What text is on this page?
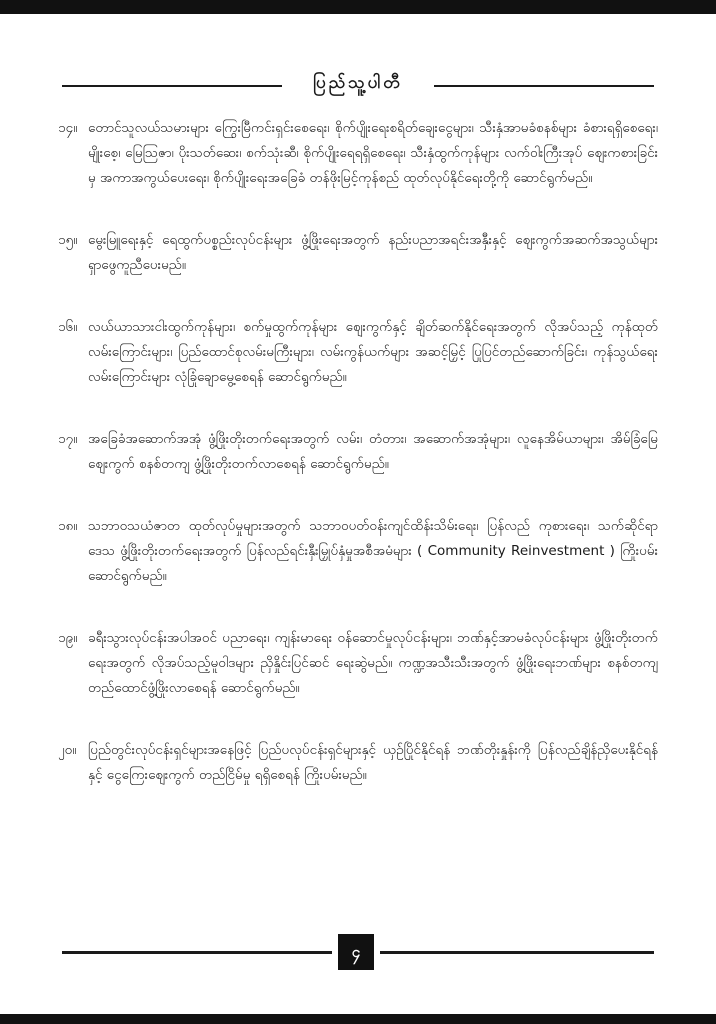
ပြည်သူ့ပါတီ
၁၄။ တောင်သူလယ်သမားများ ကြွေးမြီကင်းရှင်းစေရေး၊ စိုက်ပျိုးရေးစရိတ်ချေးငွေများ၊ သီးနှံအာမခံစနစ်များ ခံစားရရှိစေရေး၊ မျိုးစေ့၊ မြေသြဇာ၊ ပိုးသတ်ဆေး၊ စက်သုံးဆီ၊ စိုက်ပျိုးရေရရှိစေရေး၊ သီးနှံထွက်ကုန်များ လက်ဝါးကြီးအုပ် ဈေးကစားခြင်းမှ အကာအကွယ်ပေးရေး၊ စိုက်ပျိုးရေးအခြေခံ တန်ဖိုးမြင့်ကုန်စည် ထုတ်လုပ်နိုင်ရေးတို့ကို ဆောင်ရွက်မည်။
၁၅။ မွေးမြူရေးနှင့် ရေထွက်ပစ္စည်းလုပ်ငန်းများ ဖွံ့ဖြိုးရေးအတွက် နည်းပညာအရင်းအနှီးနှင့် ဈေးကွက်အဆက်အသွယ်များ ရှာဖွေကူညီပေးမည်။
၁၆။ လယ်ယာသားငါးထွက်ကုန်များ၊ စက်မှုထွက်ကုန်များ ဈေးကွက်နှင့် ချိတ်ဆက်နိုင်ရေးအတွက် လိုအပ်သည့် ကုန်ထုတ်လမ်းကြောင်းများ၊ ပြည်ထောင်စုလမ်းမကြီးများ၊ လမ်းကွန်ယက်များ အဆင့်မြှင့် ပြုပြင်တည်ဆောက်ခြင်း၊ ကုန်သွယ်ရေးလမ်းကြောင်းများ လုံခြုံချောမွေ့စေရန် ဆောင်ရွက်မည်။
၁၇။ အခြေခံအဆောက်အအုံ ဖွံ့ဖြိုးတိုးတက်ရေးအတွက် လမ်း၊ တံတား၊ အဆောက်အအုံများ၊ လူနေအိမ်ယာများ၊ အိမ်ခြံမြေဈေးကွက် စနစ်တကျ ဖွံ့ဖြိုးတိုးတက်လာစေရန် ဆောင်ရွက်မည်။
၁၈။ သဘာဝသယံဇာတ ထုတ်လုပ်မှုများအတွက် သဘာဝပတ်ဝန်းကျင်ထိန်းသိမ်းရေး၊ ပြန်လည် ကုစားရေး၊ သက်ဆိုင်ရာဒေသ ဖွံ့ဖြိုးတိုးတက်ရေးအတွက် ပြန်လည်ရင်းနှီးမြှုပ်နှံမှုအစီအမံများ ( Community Reinvestment ) ကြိုးပမ်းဆောင်ရွက်မည်။
၁၉။ ခရီးသွားလုပ်ငန်းအပါအဝင် ပညာရေး၊ ကျန်းမာရေး ဝန်ဆောင်မှုလုပ်ငန်းများ၊ ဘဏ်နှင့်အာမခံလုပ်ငန်းများ ဖွံ့ဖြိုးတိုးတက်ရေးအတွက် လိုအပ်သည့်မူဝါဒများ ညှိနှိုင်းပြင်ဆင် ရေးဆွဲမည်။ ကဏ္ဍအသီးသီးအတွက် ဖွံ့ဖြိုးရေးဘဏ်များ စနစ်တကျ တည်ထောင်ဖွံ့ဖြိုးလာစေရန် ဆောင်ရွက်မည်။
၂၀။ ပြည်တွင်းလုပ်ငန်းရှင်များအနေဖြင့် ပြည်ပလုပ်ငန်းရှင်များနှင့် ယှဉ်ပြိုင်နိုင်ရန် ဘဏ်တိုးနှုန်းကို ပြန်လည်ချိန်ညှိပေးနိုင်ရန်နှင့် ငွေကြေးဈေးကွက် တည်ငြိမ်မှု ရရှိစေရန် ကြိုးပမ်းမည်။
၄
